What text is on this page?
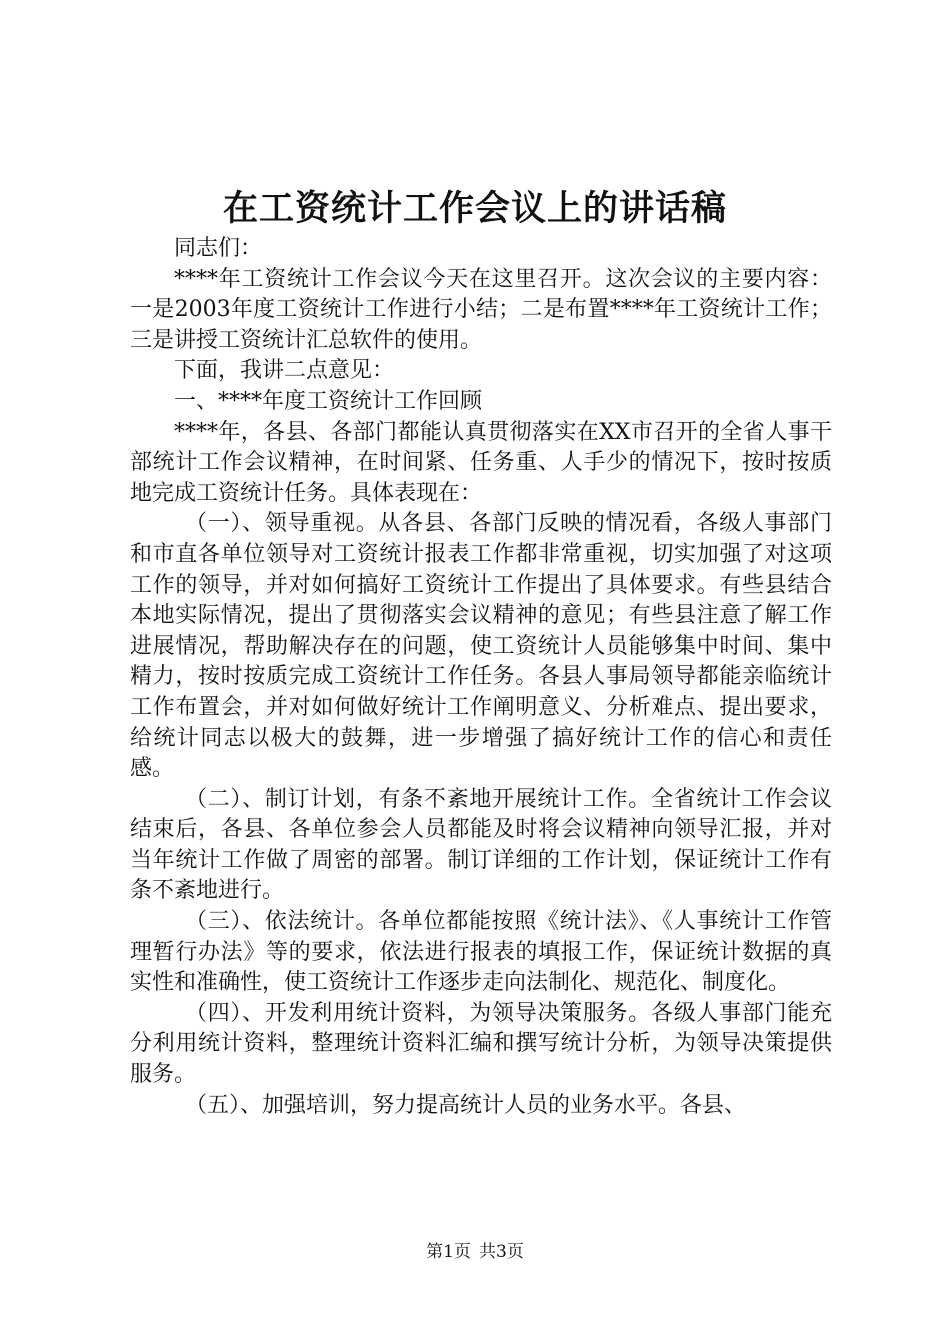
在工资统计工作会议上的讲话稿

同志们：

****年工资统计工作会议今天在这里召开。这次会议的主要内容：一是2003年度工资统计工作进行小结；二是布置****年工资统计工作；三是讲授工资统计汇总软件的使用。

下面，我讲二点意见：

一、****年度工资统计工作回顾

****年，各县、各部门都能认真贯彻落实在XX市召开的全省人事干部统计工作会议精神，在时间紧、任务重、人手少的情况下，按时按质地完成工资统计任务。具体表现在：

（一）、领导重视。从各县、各部门反映的情况看，各级人事部门和市直各单位领导对工资统计报表工作都非常重视，切实加强了对这项工作的领导，并对如何搞好工资统计工作提出了具体要求。有些县结合本地实际情况，提出了贯彻落实会议精神的意见；有些县注意了解工作进展情况，帮助解决存在的问题，使工资统计人员能够集中时间、集中精力，按时按质完成工资统计工作任务。各县人事局领导都能亲临统计工作布置会，并对如何做好统计工作阐明意义、分析难点、提出要求，给统计同志以极大的鼓舞，进一步增强了搞好统计工作的信心和责任感。

（二）、制订计划，有条不紊地开展统计工作。全省统计工作会议结束后，各县、各单位参会人员都能及时将会议精神向领导汇报，并对当年统计工作做了周密的部署。制订详细的工作计划，保证统计工作有条不紊地进行。

（三）、依法统计。各单位都能按照《统计法》、《人事统计工作管理暂行办法》等的要求，依法进行报表的填报工作，保证统计数据的真实性和准确性，使工资统计工作逐步走向法制化、规范化、制度化。

（四）、开发利用统计资料，为领导决策服务。各级人事部门能充分利用统计资料，整理统计资料汇编和撰写统计分析，为领导决策提供服务。

（五）、加强培训，努力提高统计人员的业务水平。各县、

第1页 共3页
